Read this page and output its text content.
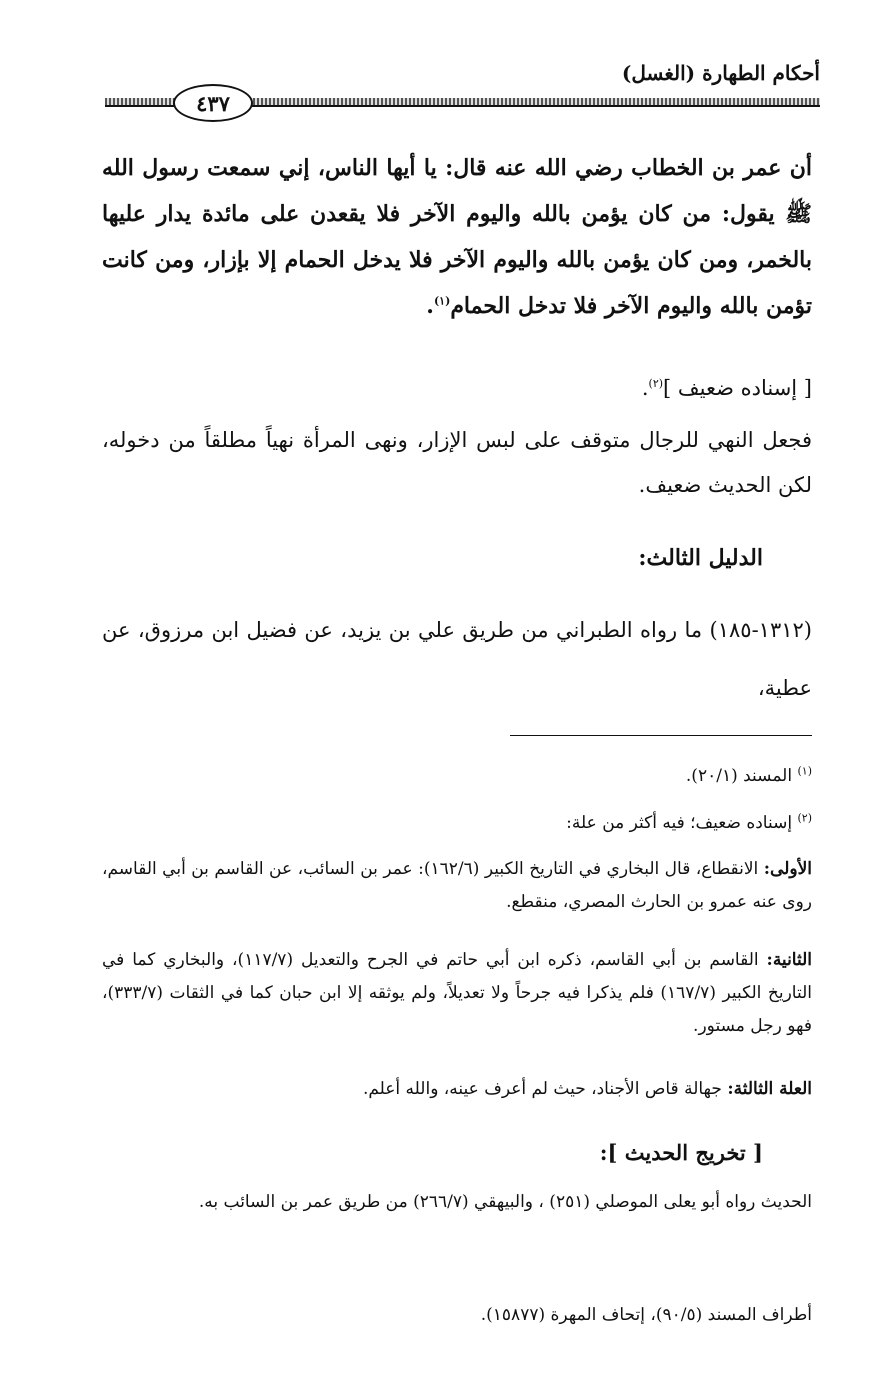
أحكام الطهارة (الغسل)
٤٣٧
أن عمر بن الخطاب رضي الله عنه قال: يا أيها الناس، إني سمعت رسول الله ﷺ يقول: من كان يؤمن بالله واليوم الآخر فلا يقعدن على مائدة يدار عليها بالخمر، ومن كان يؤمن بالله واليوم الآخر فلا يدخل الحمام إلا بإزار، ومن كانت تؤمن بالله واليوم الآخر فلا تدخل الحمام$^{(١)}$.
[ إسناده ضعيف ]$^{(٢)}$.
فجعل النهي للرجال متوقف على لبس الإزار، ونهى المرأة نهياً مطلقاً من دخوله، لكن الحديث ضعيف.
الدليل الثالث:
(١٣١٢-١٨٥) ما رواه الطبراني من طريق علي بن يزيد، عن فضيل ابن مرزوق، عن عطية،
$^{(١)}$ المسند (٢٠/١).
$^{(٢)}$ إسناده ضعيف؛ فيه أكثر من علة:
الأولى: الانقطاع، قال البخاري في التاريخ الكبير (١٦٢/٦): عمر بن السائب، عن القاسم بن أبي القاسم، روى عنه عمرو بن الحارث المصري، منقطع.
الثانية: القاسم بن أبي القاسم، ذكره ابن أبي حاتم في الجرح والتعديل (١١٧/٧)، والبخاري كما في التاريخ الكبير (١٦٧/٧) فلم يذكرا فيه جرحاً ولا تعديلاً، ولم يوثقه إلا ابن حبان كما في الثقات (٣٣٣/٧)، فهو رجل مستور.
العلة الثالثة: جهالة قاص الأجناد، حيث لم أعرف عينه، والله أعلم.
[ تخريج الحديث ]:
الحديث رواه أبو يعلى الموصلي (٢٥١) ، والبيهقي (٢٦٦/٧) من طريق عمر بن السائب به.
أطراف المسند (٩٠/٥)، إتحاف المهرة (١٥٨٧٧).
